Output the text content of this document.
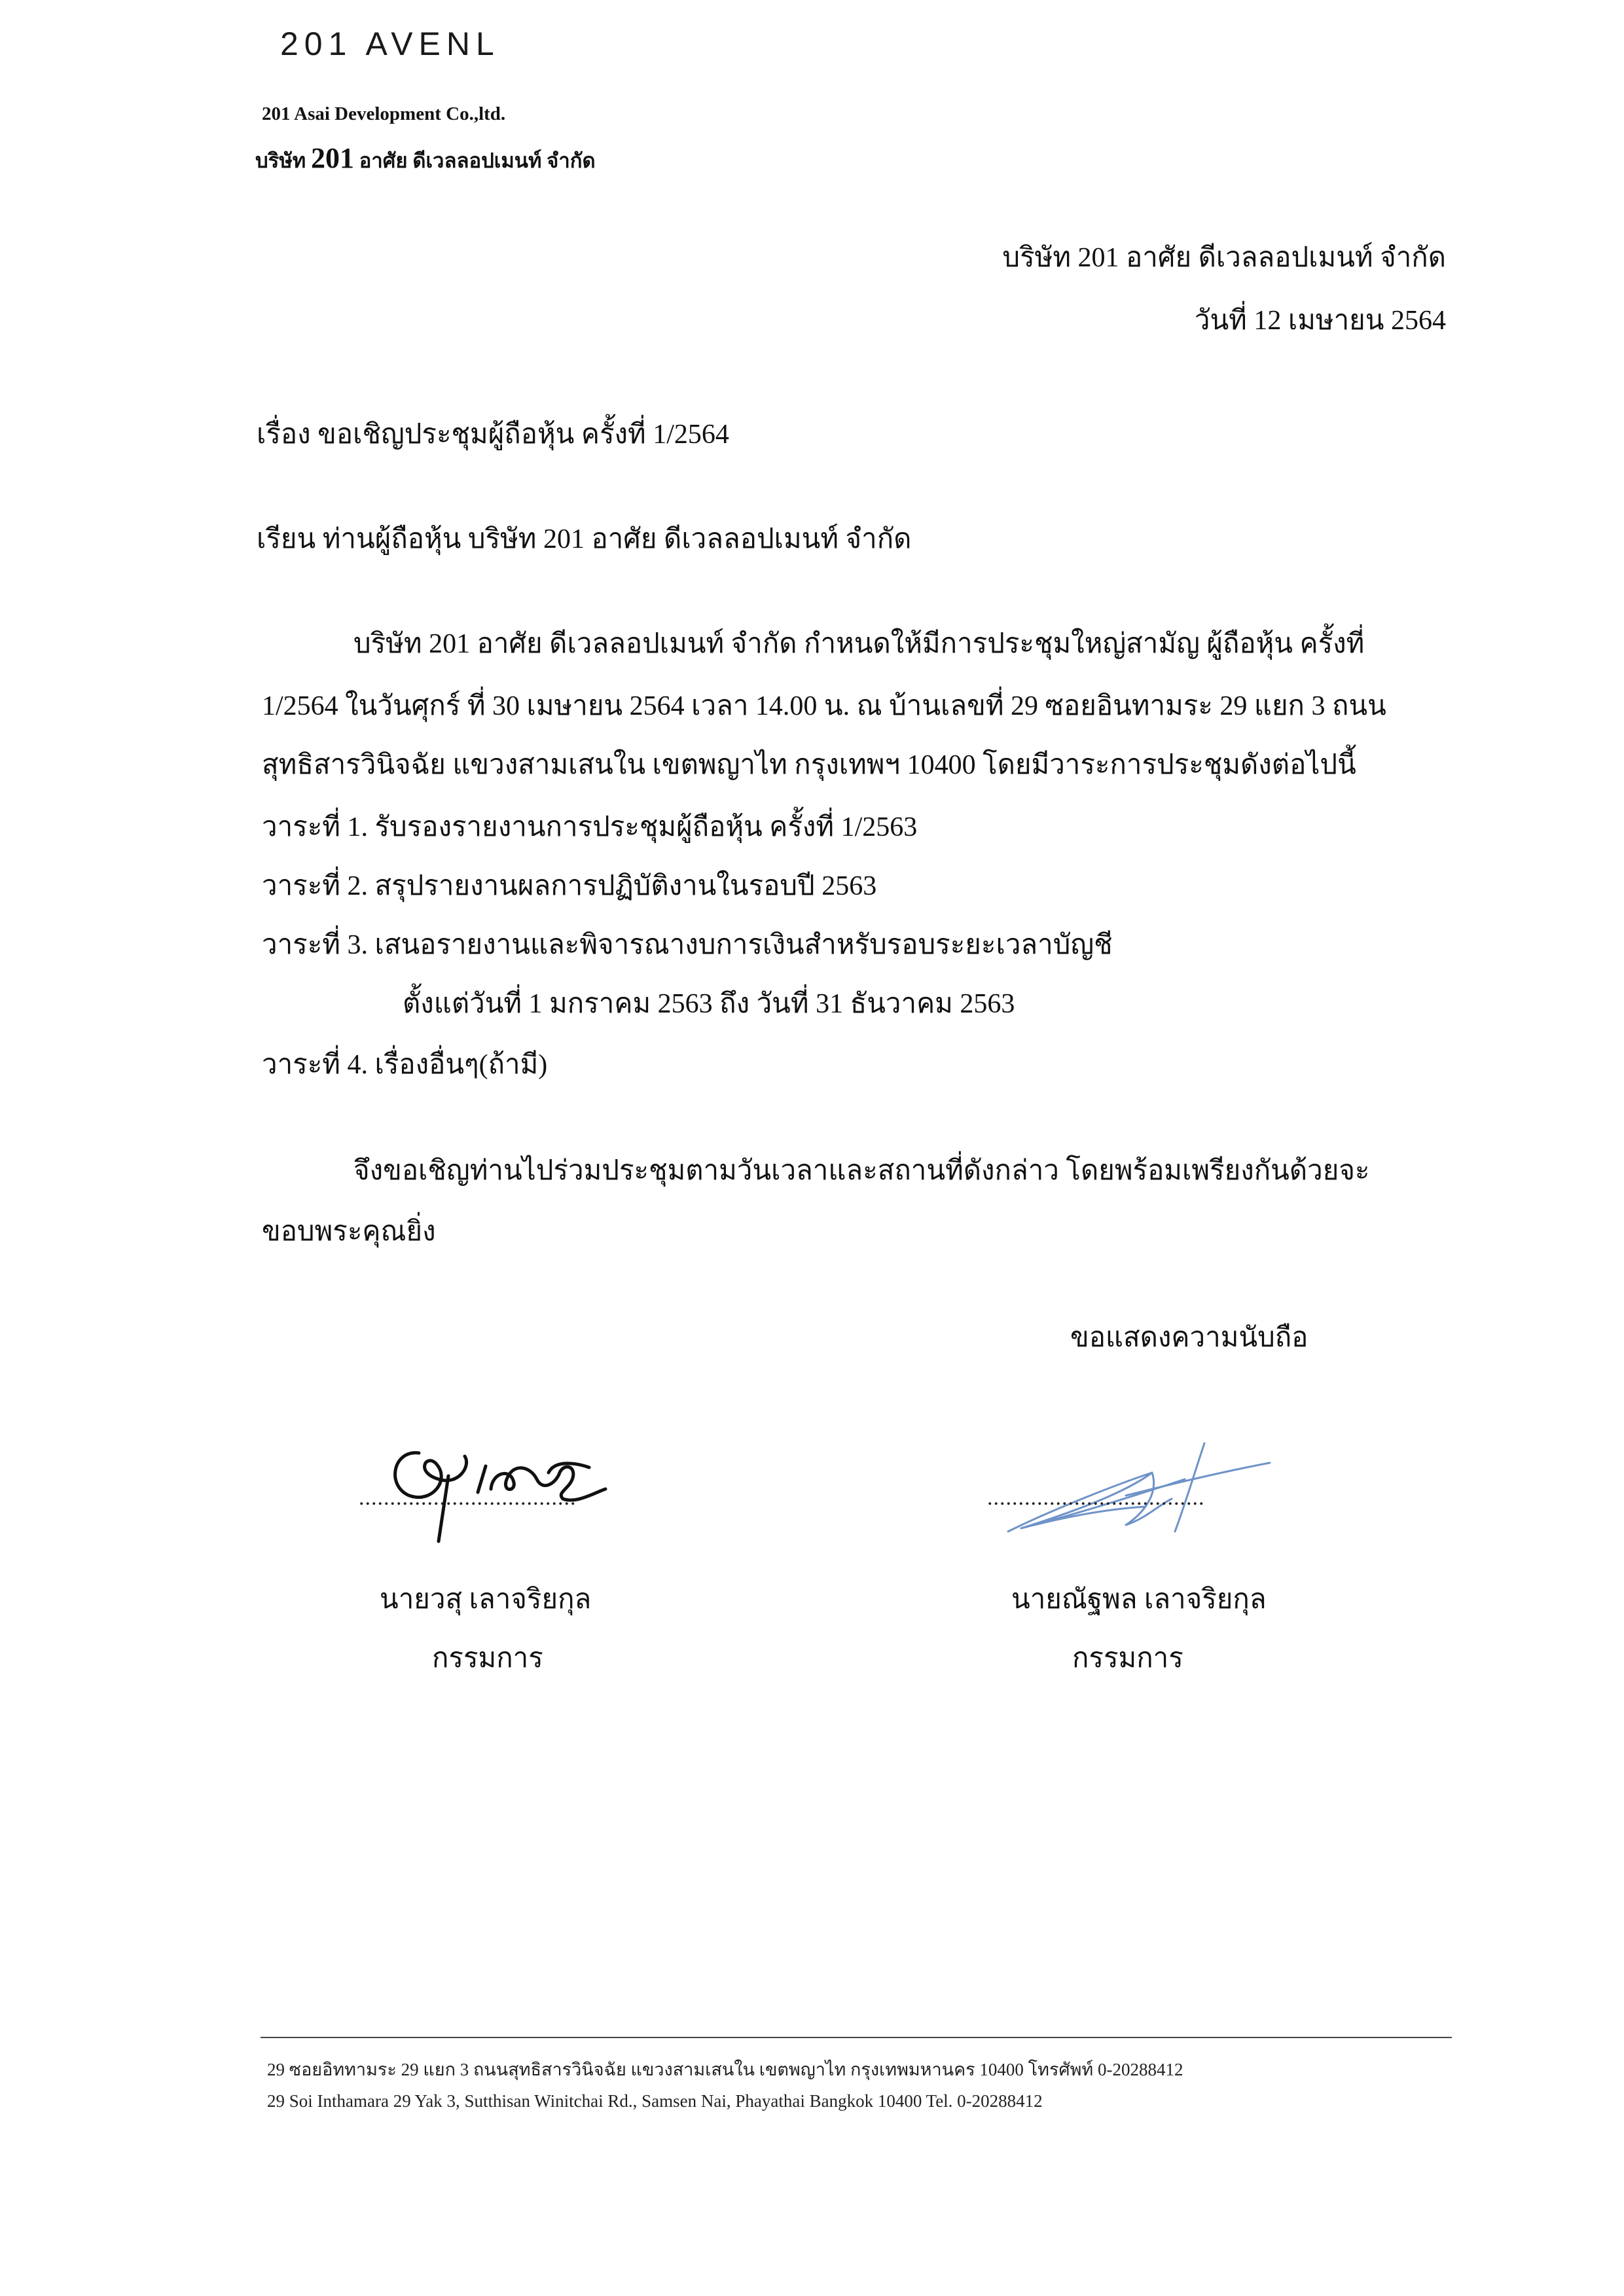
201 AVENL
201 Asai Development Co.,ltd.
บริษัท 201 อาศัย ดีเวลลอปเมนท์ จำกัด
บริษัท 201 อาศัย ดีเวลลอปเมนท์ จำกัด
วันที่ 12 เมษายน 2564
เรื่อง ขอเชิญประชุมผู้ถือหุ้น ครั้งที่ 1/2564
เรียน ท่านผู้ถือหุ้น บริษัท 201 อาศัย ดีเวลลอปเมนท์ จำกัด
บริษัท 201 อาศัย ดีเวลลอปเมนท์ จำกัด กำหนดให้มีการประชุมใหญ่สามัญ ผู้ถือหุ้น ครั้งที่
1/2564 ในวันศุกร์ ที่ 30 เมษายน 2564 เวลา 14.00 น. ณ บ้านเลขที่ 29 ซอยอินทามระ 29 แยก 3 ถนน
สุทธิสารวินิจฉัย แขวงสามเสนใน เขตพญาไท กรุงเทพฯ 10400 โดยมีวาระการประชุมดังต่อไปนี้
วาระที่ 1. รับรองรายงานการประชุมผู้ถือหุ้น ครั้งที่ 1/2563
วาระที่ 2. สรุปรายงานผลการปฏิบัติงานในรอบปี 2563
วาระที่ 3. เสนอรายงานและพิจารณางบการเงินสำหรับรอบระยะเวลาบัญชี
ตั้งแต่วันที่ 1 มกราคม 2563 ถึง วันที่ 31 ธันวาคม 2563
วาระที่ 4. เรื่องอื่นๆ(ถ้ามี)
จึงขอเชิญท่านไปร่วมประชุมตามวันเวลาและสถานที่ดังกล่าว โดยพร้อมเพรียงกันด้วยจะ
ขอบพระคุณยิ่ง
ขอแสดงความนับถือ
...................................
นายวสุ เลาจริยกุล
กรรมการ
...................................
นายณัฐพล เลาจริยกุล
กรรมการ
29 ซอยอิททามระ 29 แยก 3 ถนนสุทธิสารวินิจฉัย แขวงสามเสนใน เขตพญาไท กรุงเทพมหานคร 10400 โทรศัพท์ 0-20288412
29 Soi Inthamara 29 Yak 3, Sutthisan Winitchai Rd., Samsen Nai, Phayathai Bangkok 10400 Tel. 0-20288412
